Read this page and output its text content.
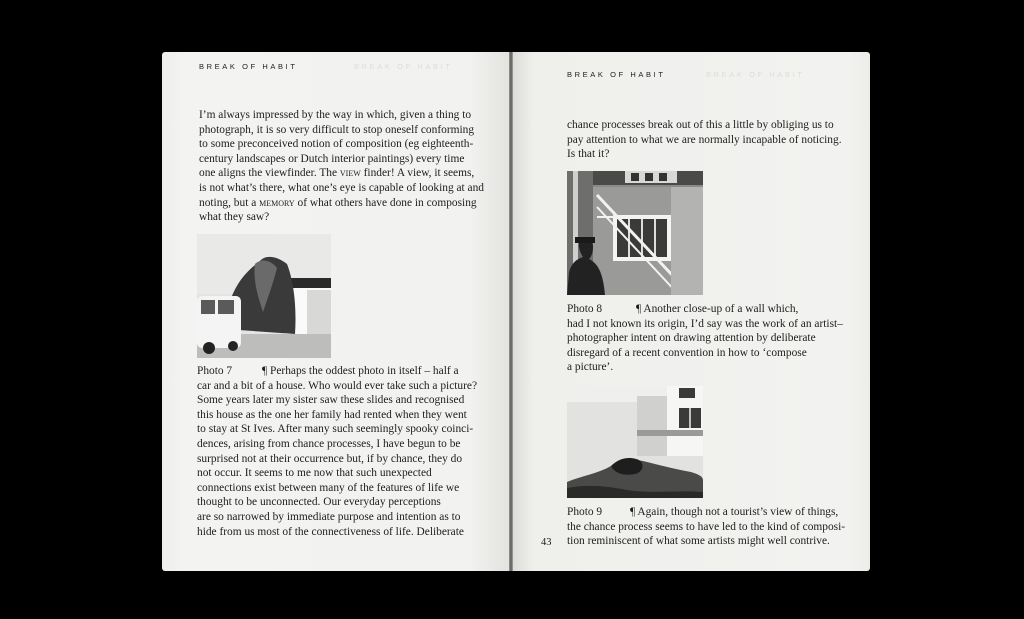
BREAK OF HABIT
BREAK OF HABIT
BREAK OF HABIT
BREAK OF HABIT
I’m always impressed by the way in which, given a thing to
photograph, it is so very difficult to stop oneself conforming
to some preconceived notion of composition (eg eighteenth-
century landscapes or Dutch interior paintings) every time
one aligns the viewfinder. The view finder! A view, it seems,
is not what’s there, what one’s eye is capable of looking at and
noting, but a memory of what others have done in composing
what they saw?
Photo 7	¶ Perhaps the oddest photo in itself – half a
car and a bit of a house. Who would ever take such a picture?
Some years later my sister saw these slides and recognised
this house as the one her family had rented when they went
to stay at St Ives. After many such seemingly spooky coinci-
dences, arising from chance processes, I have begun to be
surprised not at their occurrence but, if by chance, they do
not occur. It seems to me now that such unexpected
connections exist between many of the features of life we
thought to be unconnected. Our everyday perceptions
are so narrowed by immediate purpose and intention as to
hide from us most of the connectiveness of life. Deliberate
chance processes break out of this a little by obliging us to
pay attention to what we are normally incapable of noticing.
Is that it?
Photo 8	¶ Another close-up of a wall which,
had I not known its origin, I’d say was the work of an artist–
photographer intent on drawing attention by deliberate
disregard of a recent convention in how to ‘compose
a picture’.
Photo 9 ¶ Again, though not a tourist’s view of things,
the chance process seems to have led to the kind of composi-
tion reminiscent of what some artists might well contrive.
43
